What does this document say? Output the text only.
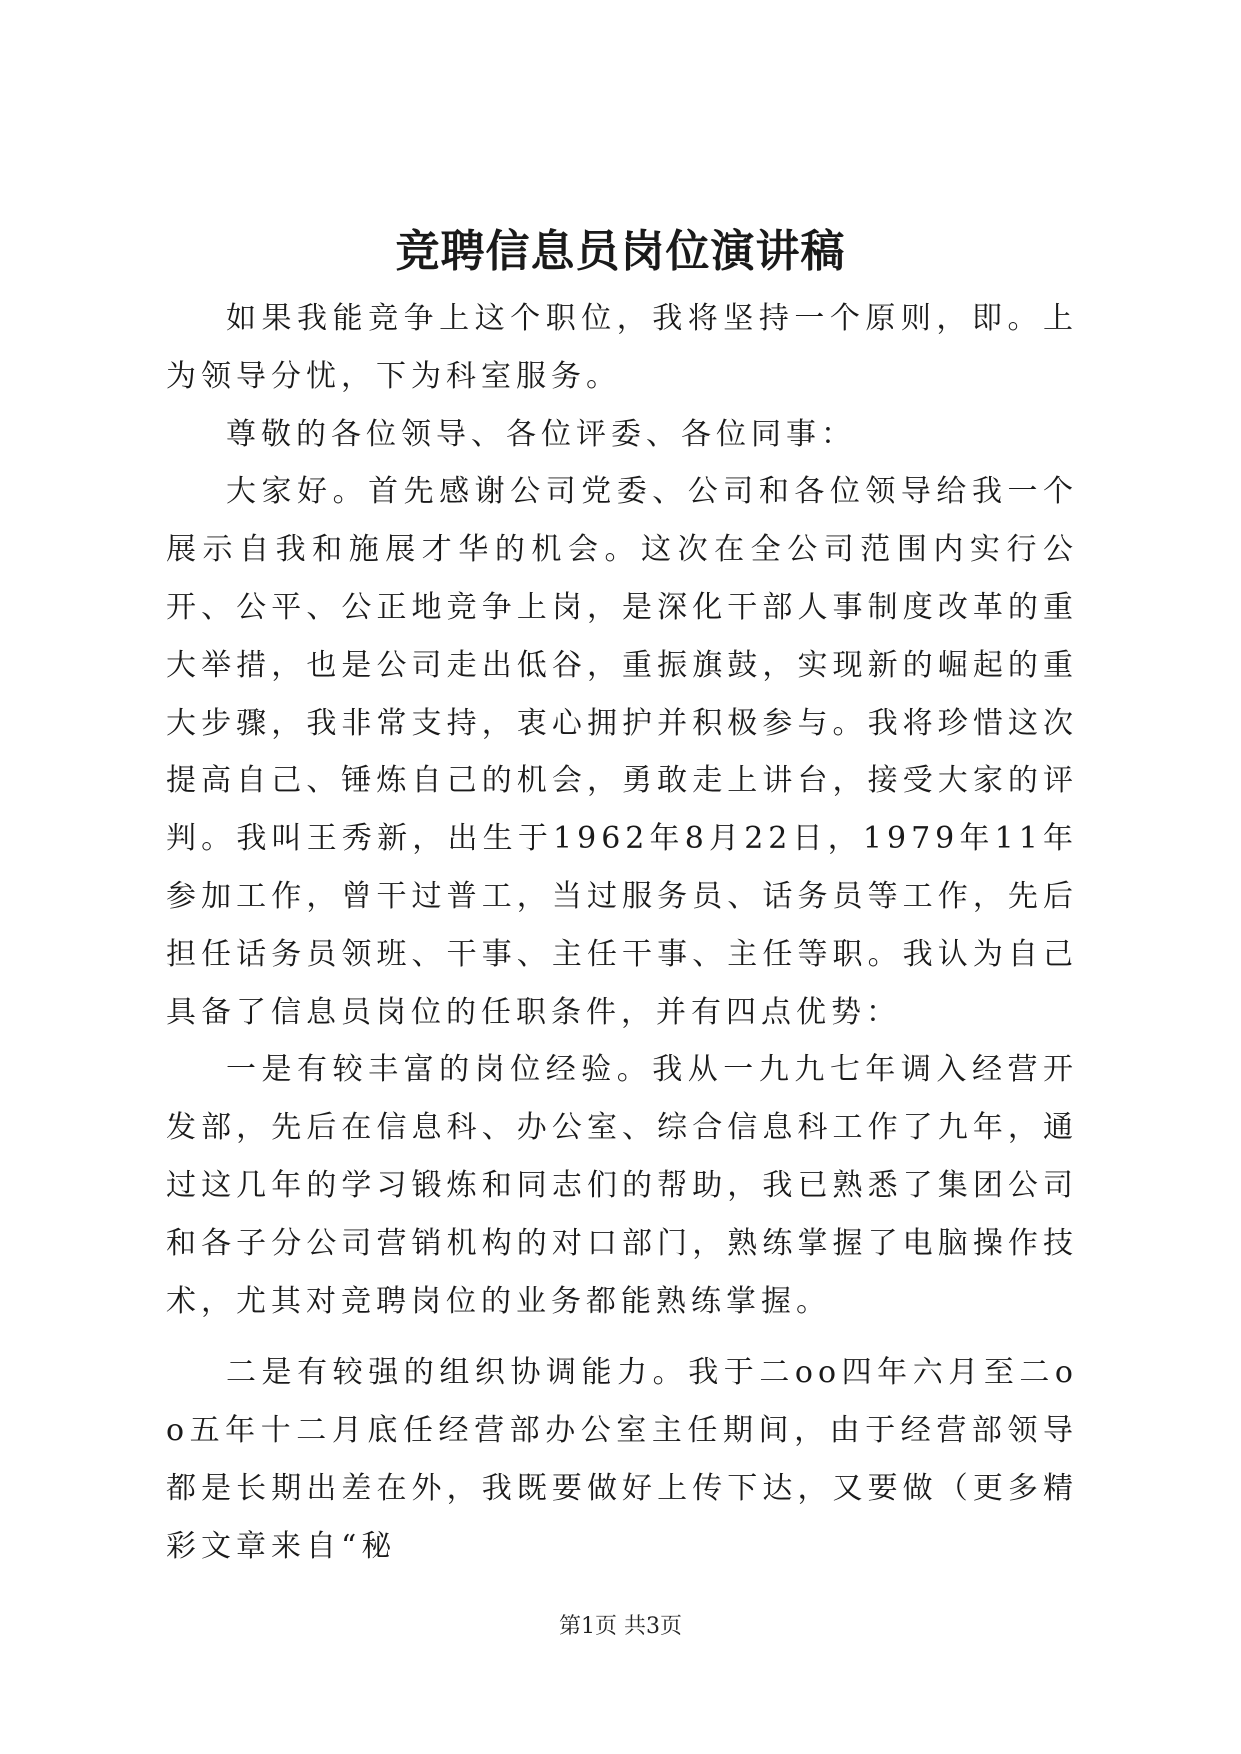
竞聘信息员岗位演讲稿

如果我能竞争上这个职位，我将坚持一个原则，即。上为领导分忧，下为科室服务。

尊敬的各位领导、各位评委、各位同事：

大家好。首先感谢公司党委、公司和各位领导给我一个展示自我和施展才华的机会。这次在全公司范围内实行公开、公平、公正地竞争上岗，是深化干部人事制度改革的重大举措，也是公司走出低谷，重振旗鼓，实现新的崛起的重大步骤，我非常支持，衷心拥护并积极参与。我将珍惜这次提高自己、锤炼自己的机会，勇敢走上讲台，接受大家的评判。我叫王秀新，出生于1962年8月22日，1979年11年参加工作，曾干过普工，当过服务员、话务员等工作，先后担任话务员领班、干事、主任干事、主任等职。我认为自己具备了信息员岗位的任职条件，并有四点优势：

一是有较丰富的岗位经验。我从一九九七年调入经营开发部，先后在信息科、办公室、综合信息科工作了九年，通过这几年的学习锻炼和同志们的帮助，我已熟悉了集团公司和各子分公司营销机构的对口部门，熟练掌握了电脑操作技术，尤其对竞聘岗位的业务都能熟练掌握。

二是有较强的组织协调能力。我于二oo四年六月至二oo五年十二月底任经营部办公室主任期间，由于经营部领导都是长期出差在外，我既要做好上传下达，又要做（更多精彩文章来自“秘

第1页 共3页
